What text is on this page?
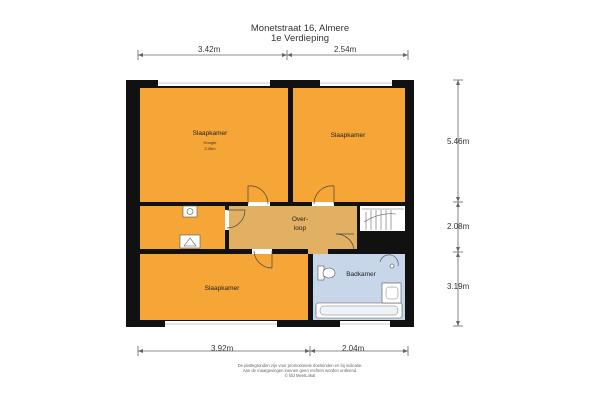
Monetstraat 16, Almere
1e Verdieping
3.42m	2.54m
5.46m
2.08m
3.19m
3.92m	2.04m
Slaapkamer
Hoogte
2.45m
Slaapkamer
Over-
loop
Badkamer
Slaapkamer
De plattegronden zijn voor promotionele doeleinden en bij indicatie.
Aan de maatgevingen kunnen geen rechten worden ontleend.
© fdd MeetLokal
